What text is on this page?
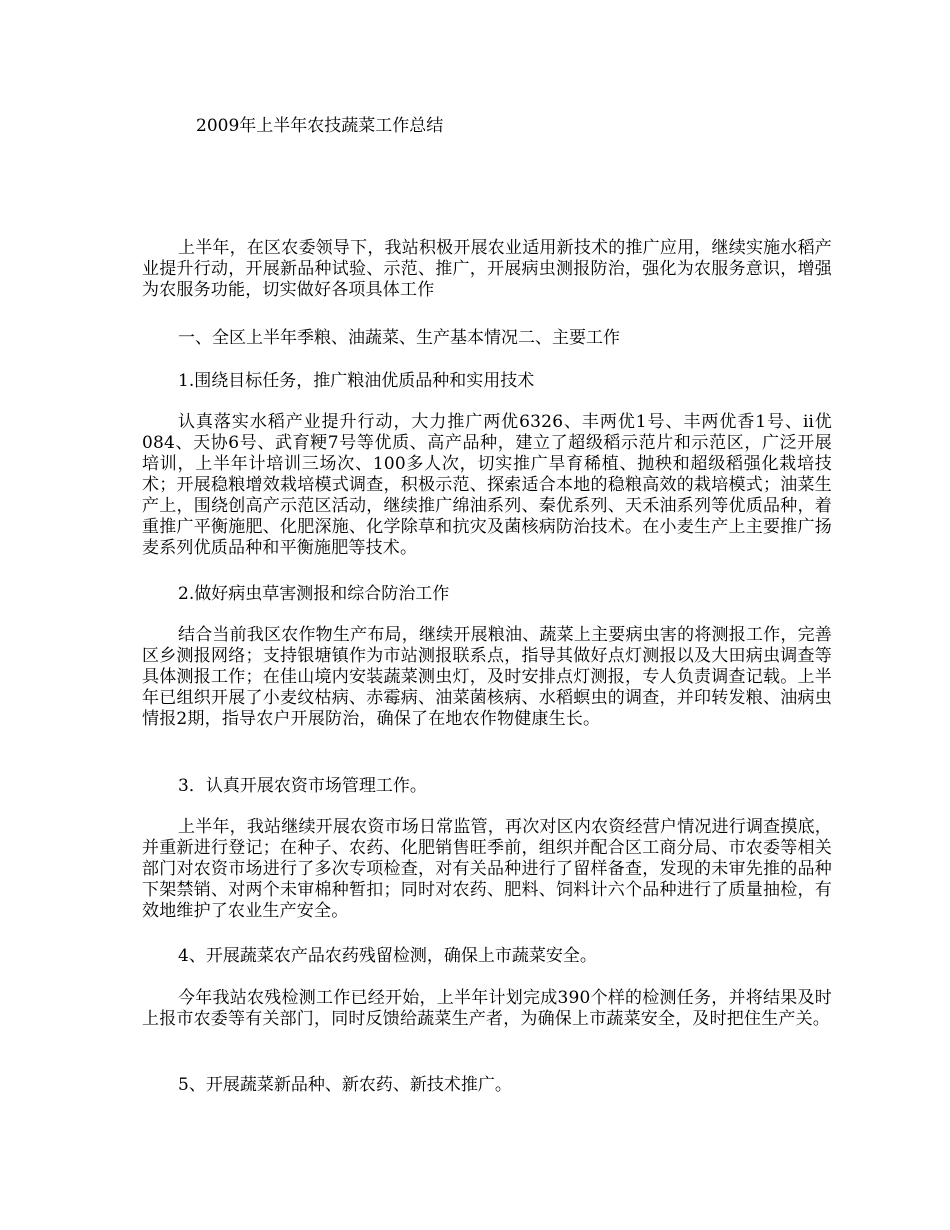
2009年上半年农技蔬菜工作总结

上半年，在区农委领导下，我站积极开展农业适用新技术的推广应用，继续实施水稻产业提升行动，开展新品种试验、示范、推广，开展病虫测报防治，强化为农服务意识，增强为农服务功能，切实做好各项具体工作

一、全区上半年季粮、油蔬菜、生产基本情况二、主要工作

1.围绕目标任务，推广粮油优质品种和实用技术

认真落实水稻产业提升行动，大力推广两优6326、丰两优1号、丰两优香1号、ⅱ优084、天协6号、武育粳7号等优质、高产品种，建立了超级稻示范片和示范区，广泛开展培训，上半年计培训三场次、100多人次，切实推广旱育稀植、抛秧和超级稻强化栽培技术；开展稳粮增效栽培模式调查，积极示范、探索适合本地的稳粮高效的栽培模式；油菜生产上，围绕创高产示范区活动，继续推广绵油系列、秦优系列、天禾油系列等优质品种，着重推广平衡施肥、化肥深施、化学除草和抗灾及菌核病防治技术。在小麦生产上主要推广扬麦系列优质品种和平衡施肥等技术。

2.做好病虫草害测报和综合防治工作

结合当前我区农作物生产布局，继续开展粮油、蔬菜上主要病虫害的将测报工作，完善区乡测报网络；支持银塘镇作为市站测报联系点，指导其做好点灯测报以及大田病虫调查等具体测报工作；在佳山境内安装蔬菜测虫灯，及时安排点灯测报，专人负责调查记载。上半年已组织开展了小麦纹枯病、赤霉病、油菜菌核病、水稻螟虫的调查，并印转发粮、油病虫情报2期，指导农户开展防治，确保了在地农作物健康生长。

3．认真开展农资市场管理工作。

上半年，我站继续开展农资市场日常监管，再次对区内农资经营户情况进行调查摸底，并重新进行登记；在种子、农药、化肥销售旺季前，组织并配合区工商分局、市农委等相关部门对农资市场进行了多次专项检查，对有关品种进行了留样备查，发现的未审先推的品种下架禁销、对两个未审棉种暂扣；同时对农药、肥料、饲料计六个品种进行了质量抽检，有效地维护了农业生产安全。

4、开展蔬菜农产品农药残留检测，确保上市蔬菜安全。

今年我站农残检测工作已经开始，上半年计划完成390个样的检测任务，并将结果及时上报市农委等有关部门，同时反馈给蔬菜生产者，为确保上市蔬菜安全，及时把住生产关。

5、开展蔬菜新品种、新农药、新技术推广。
